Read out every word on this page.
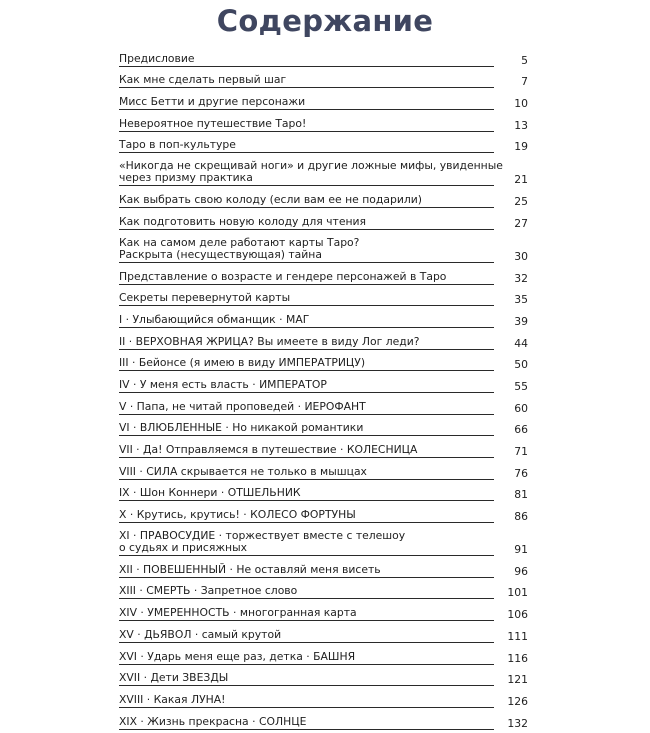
Содержание
Предисловие	5
Как мне сделать первый шаг	7
Мисс Бетти и другие персонажи	10
Невероятное путешествие Таро!	13
Таро в поп-культуре	19
«Никогда не скрещивай ноги» и другие ложные мифы, увиденные
через призму практика	21
Как выбрать свою колоду (если вам ее не подарили)	25
Как подготовить новую колоду для чтения	27
Как на самом деле работают карты Таро?
Раскрыта (несуществующая) тайна	30
Представление о возрасте и гендере персонажей в Таро	32
Секреты перевернутой карты	35
I · Улыбающийся обманщик · МАГ	39
II · ВЕРХОВНАЯ ЖРИЦА? Вы имеете в виду Лог леди?	44
III · Бейонсе (я имею в виду ИМПЕРАТРИЦУ)	50
IV · У меня есть власть · ИМПЕРАТОР	55
V · Папа, не читай проповедей · ИЕРОФАНТ	60
VI · ВЛЮБЛЕННЫЕ · Но никакой романтики	66
VII · Да! Отправляемся в путешествие · КОЛЕСНИЦА	71
VIII · СИЛА скрывается не только в мышцах	76
IX · Шон Коннери · ОТШЕЛЬНИК	81
X · Крутись, крутись! · КОЛЕСО ФОРТУНЫ	86
XI · ПРАВОСУДИЕ · торжествует вместе с телешоу
о судьях и присяжных	91
XII · ПОВЕШЕННЫЙ · Не оставляй меня висеть	96
XIII · СМЕРТЬ · Запретное слово	101
XIV · УМЕРЕННОСТЬ · многогранная карта	106
XV · ДЬЯВОЛ · самый крутой	111
XVI · Ударь меня еще раз, детка · БАШНЯ	116
XVII · Дети ЗВЕЗДЫ	121
XVIII · Какая ЛУНА!	126
XIX · Жизнь прекрасна · СОЛНЦЕ	132
